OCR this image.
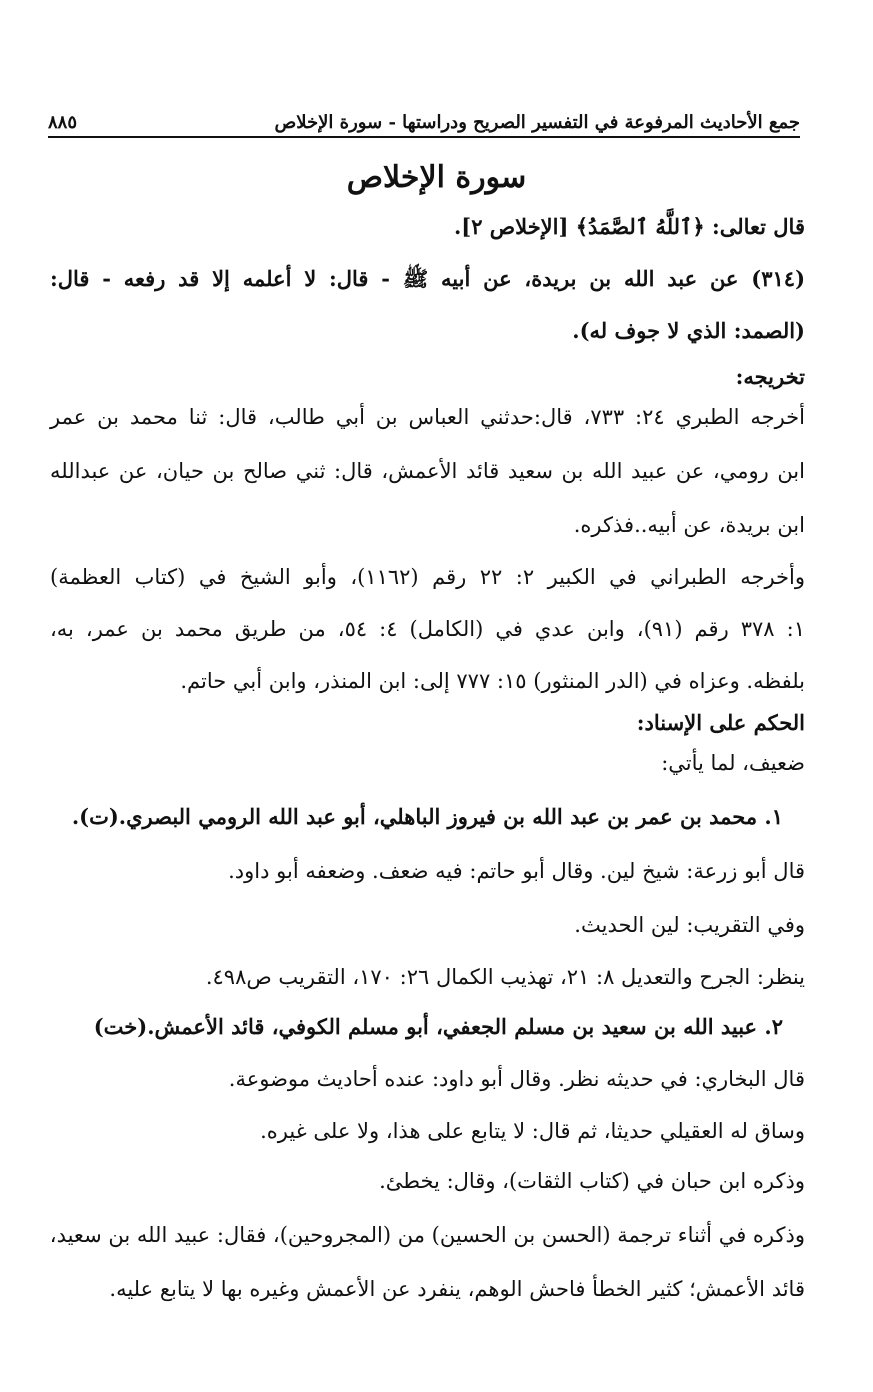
جمع الأحاديث المرفوعة في التفسير الصريح ودراستها - سورة الإخلاص
٨٨٥
سورة الإخلاص
قال تعالى: ﴿ٱللَّهُ ٱلصَّمَدُ﴾ [الإخلاص ٢].
(٣١٤) عن عبد الله بن بريدة، عن أبيه ﷺ - قال: لا أعلمه إلا قد رفعه - قال:
(الصمد: الذي لا جوف له).
تخريجه:
أخرجه الطبري ٢٤: ٧٣٣، قال:حدثني العباس بن أبي طالب، قال: ثنا محمد بن عمر
ابن رومي، عن عبيد الله بن سعيد قائد الأعمش، قال: ثني صالح بن حيان، عن عبدالله
ابن بريدة، عن أبيه..فذكره.
وأخرجه الطبراني في الكبير ٢: ٢٢ رقم (١١٦٢)، وأبو الشيخ في (كتاب العظمة)
١: ٣٧٨ رقم (٩١)، وابن عدي في (الكامل) ٤: ٥٤، من طريق محمد بن عمر، به،
بلفظه. وعزاه في (الدر المنثور) ١٥: ٧٧٧ إلى: ابن المنذر، وابن أبي حاتم.
الحكم على الإسناد:
ضعيف، لما يأتي:
١. محمد بن عمر بن عبد الله بن فيروز الباهلي، أبو عبد الله الرومي البصري.(ت).
قال أبو زرعة: شيخ لين. وقال أبو حاتم: فيه ضعف. وضعفه أبو داود.
وفي التقريب: لين الحديث.
ينظر: الجرح والتعديل ٨: ٢١، تهذيب الكمال ٢٦: ١٧٠، التقريب ص٤٩٨.
٢. عبيد الله بن سعيد بن مسلم الجعفي، أبو مسلم الكوفي، قائد الأعمش.(خت)
قال البخاري: في حديثه نظر. وقال أبو داود: عنده أحاديث موضوعة.
وساق له العقيلي حديثا، ثم قال: لا يتابع على هذا، ولا على غيره.
وذكره ابن حبان في (كتاب الثقات)، وقال: يخطئ.
وذكره في أثناء ترجمة (الحسن بن الحسين) من (المجروحين)، فقال: عبيد الله بن سعيد،
قائد الأعمش؛ كثير الخطأ فاحش الوهم، ينفرد عن الأعمش وغيره بها لا يتابع عليه.
